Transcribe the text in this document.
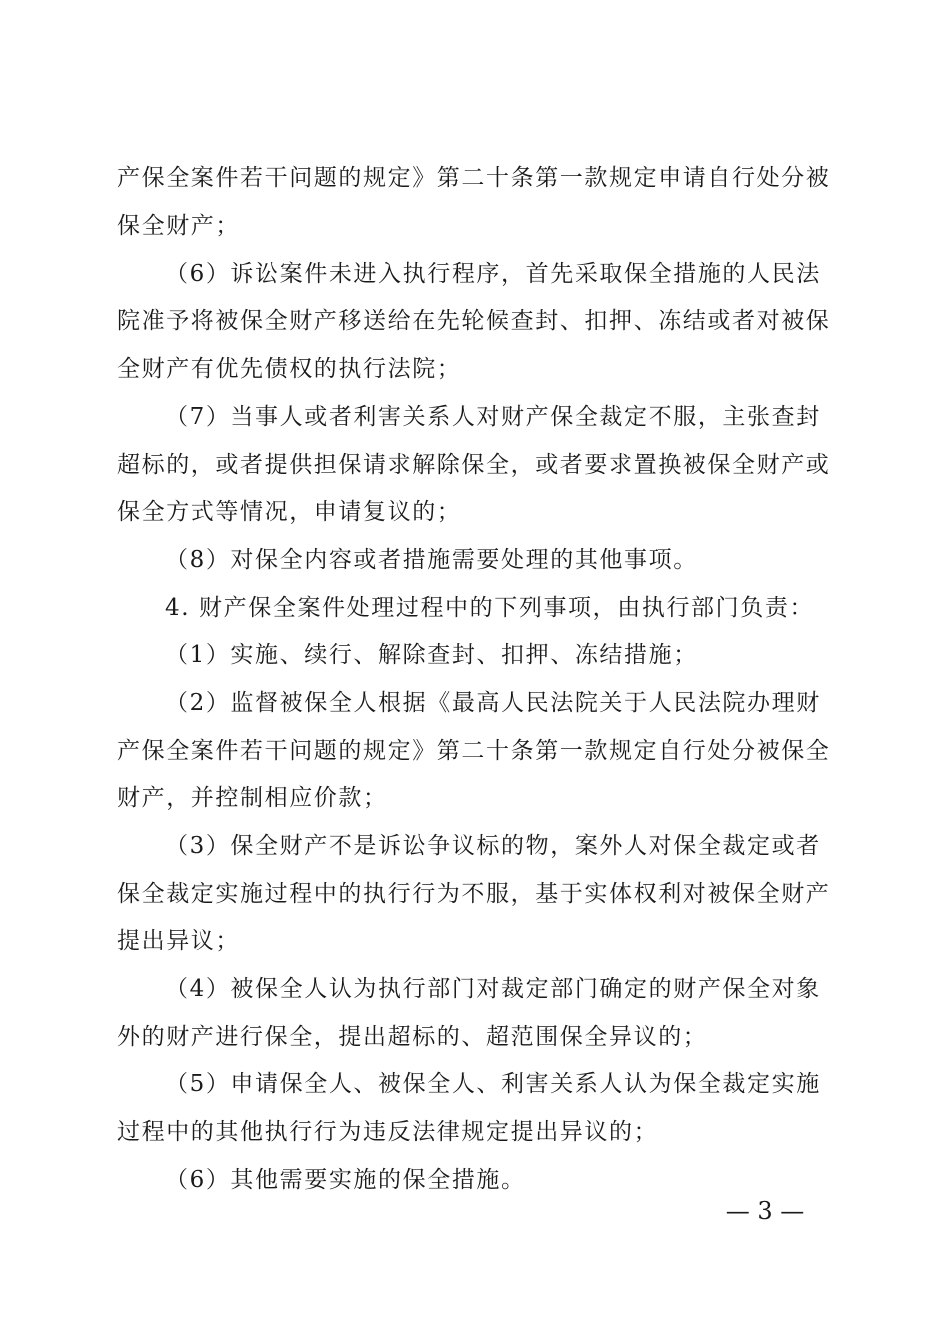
产保全案件若干问题的规定》第二十条第一款规定申请自行处分被
保全财产；
（6）诉讼案件未进入执行程序，首先采取保全措施的人民法
院准予将被保全财产移送给在先轮候查封、扣押、冻结或者对被保
全财产有优先债权的执行法院；
（7）当事人或者利害关系人对财产保全裁定不服，主张查封
超标的，或者提供担保请求解除保全，或者要求置换被保全财产或
保全方式等情况，申请复议的；
（8）对保全内容或者措施需要处理的其他事项。
4. 财产保全案件处理过程中的下列事项，由执行部门负责：
（1）实施、续行、解除查封、扣押、冻结措施；
（2）监督被保全人根据《最高人民法院关于人民法院办理财
产保全案件若干问题的规定》第二十条第一款规定自行处分被保全
财产，并控制相应价款；
（3）保全财产不是诉讼争议标的物，案外人对保全裁定或者
保全裁定实施过程中的执行行为不服，基于实体权利对被保全财产
提出异议；
（4）被保全人认为执行部门对裁定部门确定的财产保全对象
外的财产进行保全，提出超标的、超范围保全异议的；
（5）申请保全人、被保全人、利害关系人认为保全裁定实施
过程中的其他执行行为违反法律规定提出异议的；
（6）其他需要实施的保全措施。
— 3 —
